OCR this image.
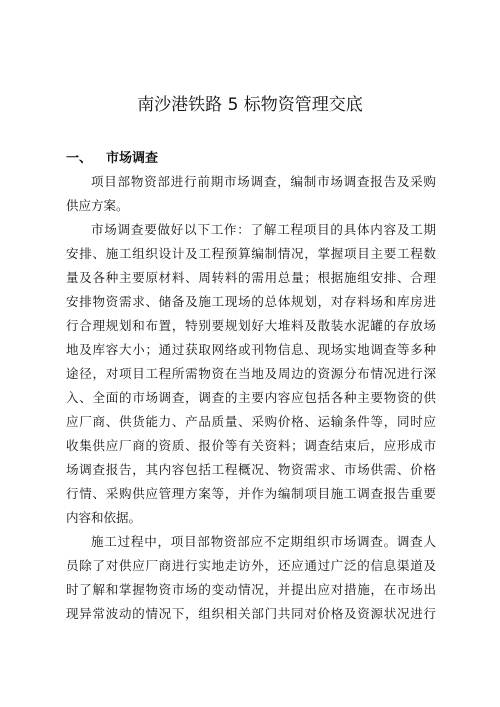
南沙港铁路 5 标物资管理交底
一、 市场调查
项目部物资部进行前期市场调查，编制市场调查报告及采购
供应方案。
市场调查要做好以下工作：了解工程项目的具体内容及工期
安排、施工组织设计及工程预算编制情况，掌握项目主要工程数
量及各种主要原材料、周转料的需用总量；根据施组安排、合理
安排物资需求、储备及施工现场的总体规划，对存料场和库房进
行合理规划和布置，特别要规划好大堆料及散装水泥罐的存放场
地及库容大小；通过获取网络或刊物信息、现场实地调查等多种
途径，对项目工程所需物资在当地及周边的资源分布情况进行深
入、全面的市场调查，调查的主要内容应包括各种主要物资的供
应厂商、供货能力、产品质量、采购价格、运输条件等，同时应
收集供应厂商的资质、报价等有关资料；调查结束后，应形成市
场调查报告，其内容包括工程概况、物资需求、市场供需、价格
行情、采购供应管理方案等，并作为编制项目施工调查报告重要
内容和依据。
施工过程中，项目部物资部应不定期组织市场调查。调查人
员除了对供应厂商进行实地走访外，还应通过广泛的信息渠道及
时了解和掌握物资市场的变动情况，并提出应对措施，在市场出
现异常波动的情况下，组织相关部门共同对价格及资源状况进行
